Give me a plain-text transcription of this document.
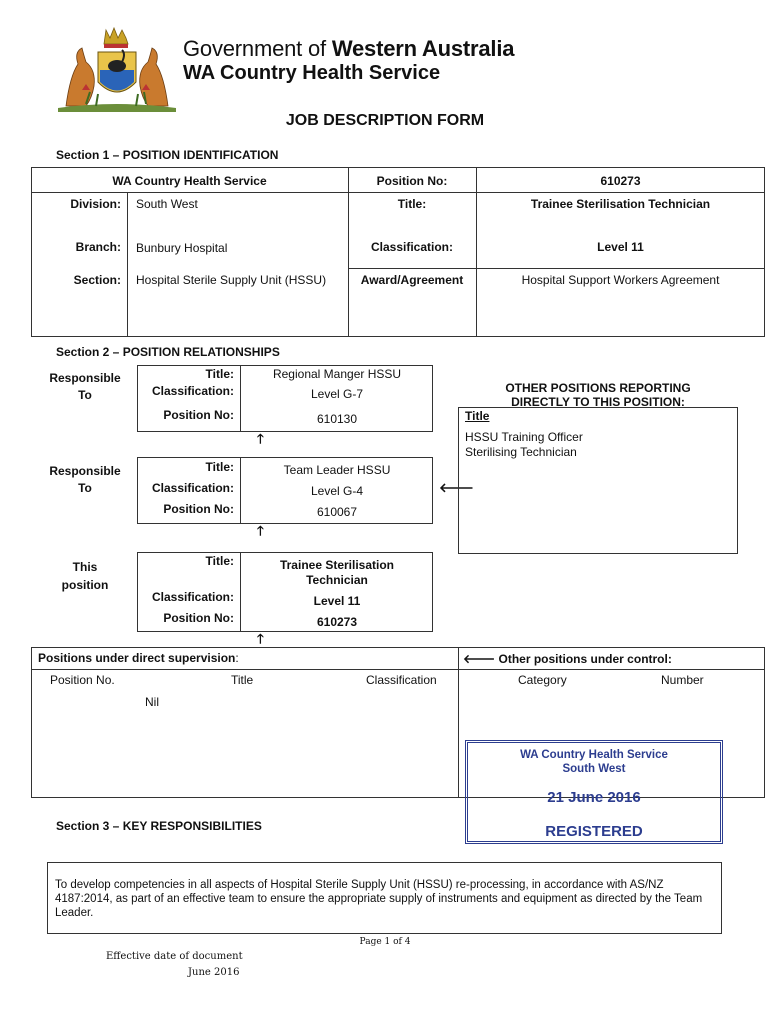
Government of Western Australia
WA Country Health Service
JOB DESCRIPTION FORM
Section 1 – POSITION IDENTIFICATION
WA Country Health Service
Division: South West
Branch: Bunbury Hospital
Section: Hospital Sterile Supply Unit (HSSU)
Position No:	610273
Title:	Trainee Sterilisation Technician
Classification:	Level 11
Award/Agreement	Hospital Support Workers Agreement
Section 2 – POSITION RELATIONSHIPS
Responsible
To
Title:	Regional Manger HSSU
Classification:	Level G-7
Position No:	610130
🡑
Responsible
To
Title:	Team Leader HSSU
Classification:	Level G-4
Position No:	610067
🡑
🡐
This
position
Title:	Trainee Sterilisation
Technician
Classification:	Level 11
Position No:	610273
🡑
OTHER POSITIONS REPORTING
DIRECTLY TO THIS POSITION:
Title
HSSU Training Officer
Sterilising Technician
Positions under direct supervision:	🡐 Other positions under control:
Position No.	Title	Classification
Nil
Category	Number
WA Country Health Service
South West
21 June 2016
REGISTERED
Section 3 – KEY RESPONSIBILITIES
To develop competencies in all aspects of Hospital Sterile Supply Unit (HSSU) re-processing, in accordance with AS/NZ 4187:2014, as part of an effective team to ensure the appropriate supply of instruments and equipment as directed by the Team Leader.
Page 1 of 4
Effective date of document
June 2016
